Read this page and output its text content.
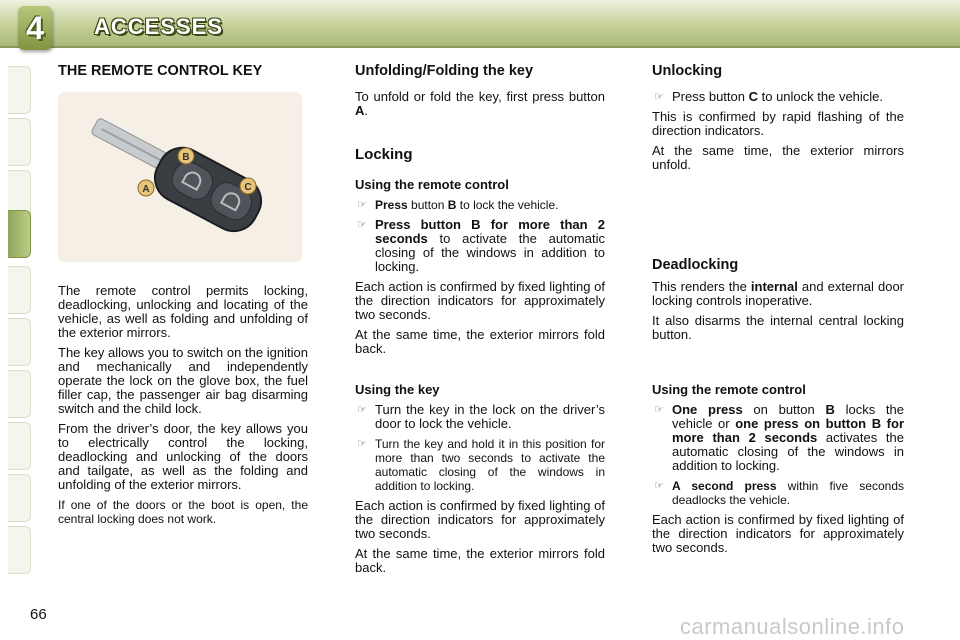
4	ACCESSES
THE REMOTE CONTROL KEY
A
B
C

The remote control permits locking, deadlocking, unlocking and locating of the vehicle, as well as folding and unfolding of the exterior mirrors.

The key allows you to switch on the ignition and mechanically and independently operate the lock on the glove box, the fuel filler cap, the passenger air bag disarming switch and the child lock.

From the driver’s door, the key allows you to electrically control the locking, deadlocking and unlocking of the doors and tailgate, as well as the folding and unfolding of the exterior mirrors.

If one of the doors or the boot is open, the central locking does not work.

Unfolding/Folding the key

To unfold or fold the key, first press button A.

Locking
Using the remote control
☞ Press button B to lock the vehicle.
☞ Press button B for more than 2 seconds to activate the automatic closing of the windows in addition to locking.

Each action is confirmed by fixed lighting of the direction indicators for approximately two seconds.

At the same time, the exterior mirrors fold back.

Using the key
☞ Turn the key in the lock on the driver’s door to lock the vehicle.
☞ Turn the key and hold it in this position for more than two seconds to activate the automatic closing of the windows in addition to locking.

Each action is confirmed by fixed lighting of the direction indicators for approximately two seconds.

At the same time, the exterior mirrors fold back.

Unlocking
☞ Press button C to unlock the vehicle.

This is confirmed by rapid flashing of the direction indicators.

At the same time, the exterior mirrors unfold.

Deadlocking

This renders the internal and external door locking controls inoperative.

It also disarms the internal central locking button.

Using the remote control
☞ One press on button B locks the vehicle or one press on button B for more than 2 seconds activates the automatic closing of the windows in addition to locking.
☞ A second press within five seconds deadlocks the vehicle.

Each action is confirmed by fixed lighting of the direction indicators for approximately two seconds.

66	carmanualsonline.info
